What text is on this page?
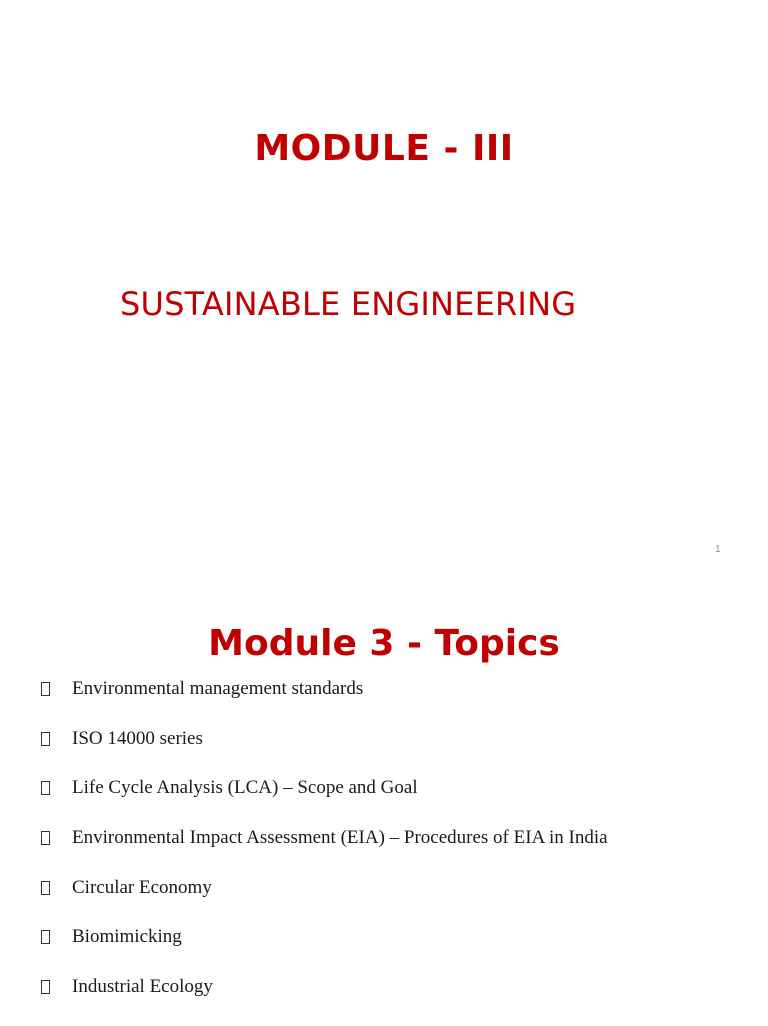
MODULE - III
SUSTAINABLE ENGINEERING
1
Module 3 - Topics
Environmental management standards
ISO 14000 series
Life Cycle Analysis (LCA) – Scope and Goal
Environmental Impact Assessment (EIA) – Procedures of EIA in India
Circular Economy
Biomimicking
Industrial Ecology
